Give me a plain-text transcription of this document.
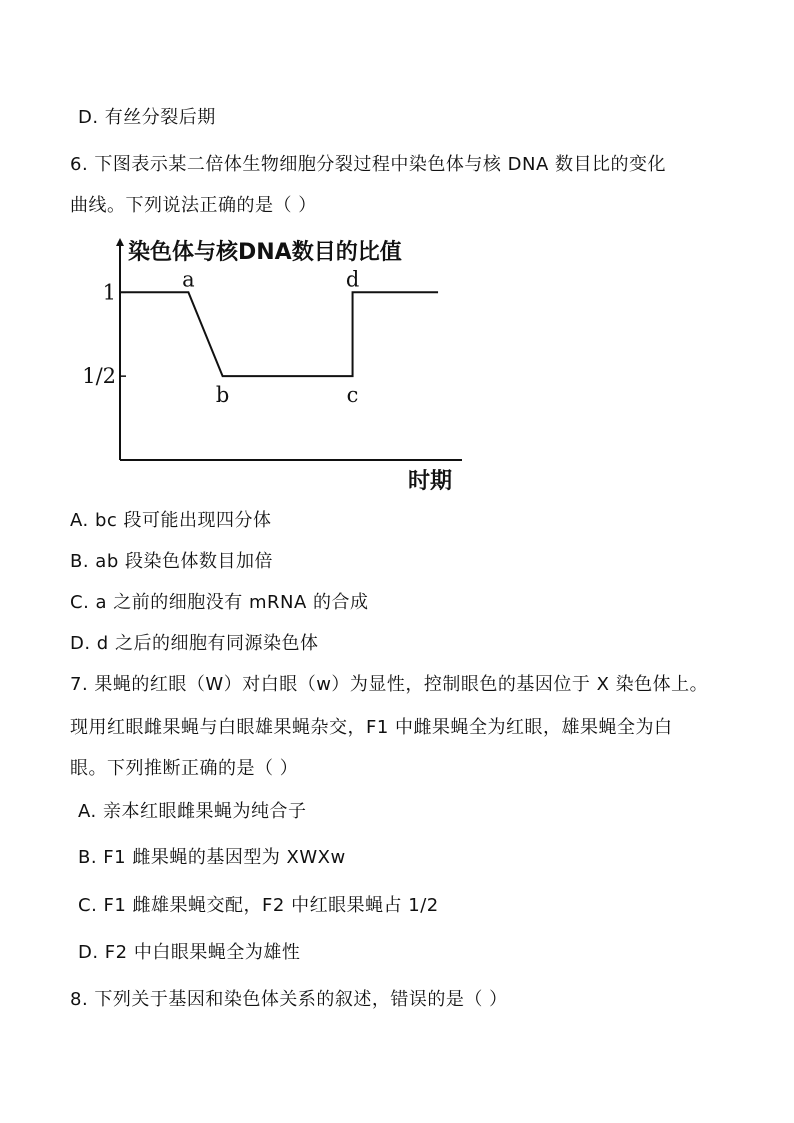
D. 有丝分裂后期
6. 下图表示某二倍体生物细胞分裂过程中染色体与核 DNA 数目比的变化
曲线。下列说法正确的是（ ）
染色体与核DNA数目的比值
时期
1
1/2
a
b	c
d
A. bc 段可能出现四分体
B. ab 段染色体数目加倍
C. a 之前的细胞没有 mRNA 的合成
D. d 之后的细胞有同源染色体
7. 果蝇的红眼（W）对白眼（w）为显性，控制眼色的基因位于 X 染色体上。
现用红眼雌果蝇与白眼雄果蝇杂交，F1 中雌果蝇全为红眼，雄果蝇全为白
眼。下列推断正确的是（ ）
A. 亲本红眼雌果蝇为纯合子
B. F1 雌果蝇的基因型为 XWXw
C. F1 雌雄果蝇交配，F2 中红眼果蝇占 1/2
D. F2 中白眼果蝇全为雄性
8. 下列关于基因和染色体关系的叙述，错误的是（ ）
